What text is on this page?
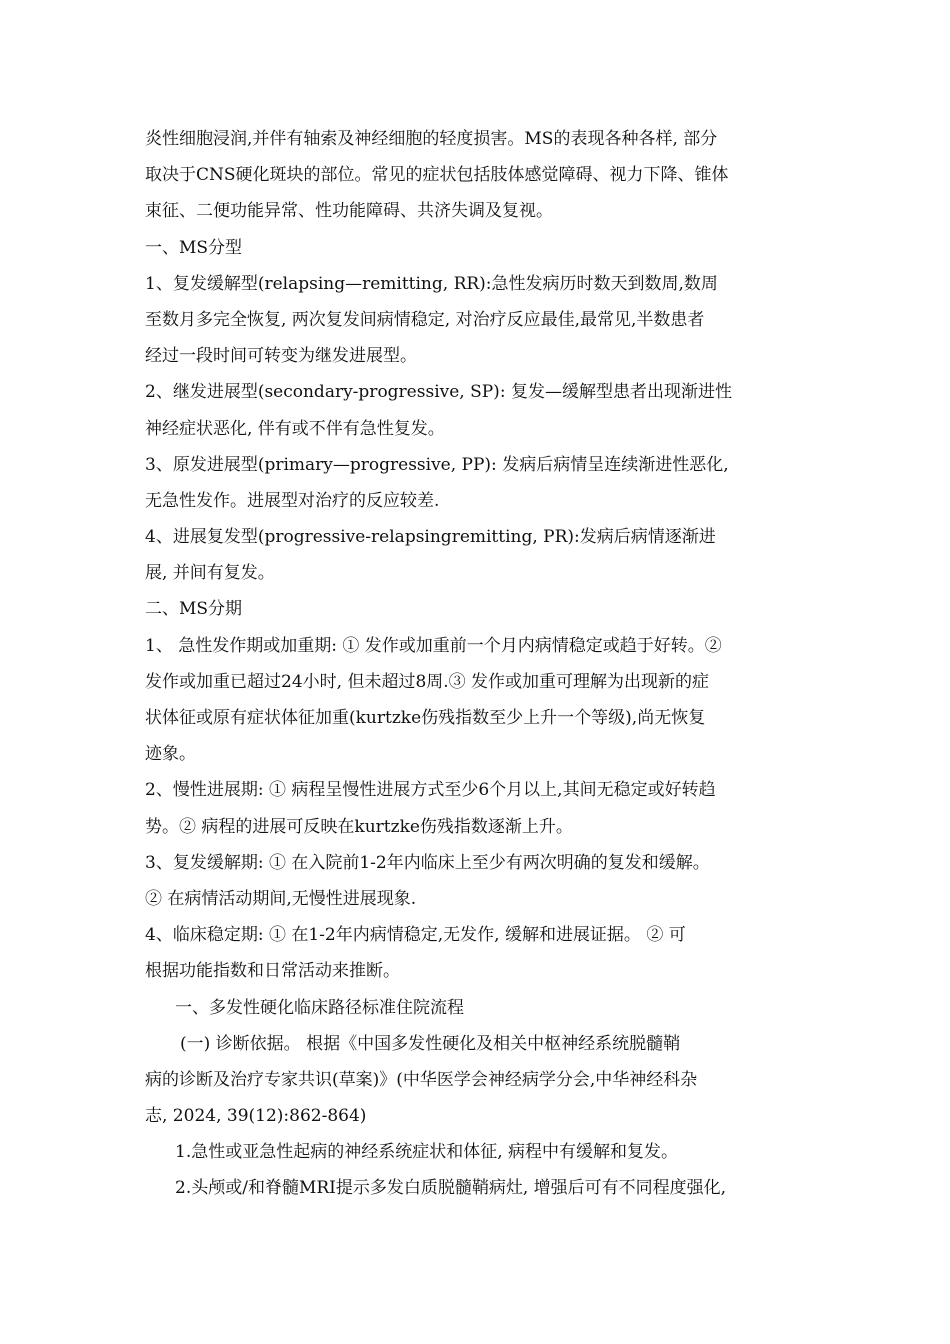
炎性细胞浸润,并伴有轴索及神经细胞的轻度损害。MS的表现各种各样, 部分
取决于CNS硬化斑块的部位。常见的症状包括肢体感觉障碍、视力下降、锥体
束征、二便功能异常、性功能障碍、共济失调及复视。
一、MS分型
1、复发缓解型(relapsing—remitting, RR):急性发病历时数天到数周,数周
至数月多完全恢复, 两次复发间病情稳定, 对治疗反应最佳,最常见,半数患者
经过一段时间可转变为继发进展型。
2、继发进展型(secondary-progressive, SP): 复发—缓解型患者出现渐进性
神经症状恶化, 伴有或不伴有急性复发。
3、原发进展型(primary—progressive, PP): 发病后病情呈连续渐进性恶化,
无急性发作。进展型对治疗的反应较差.
4、进展复发型(progressive-relapsingremitting, PR):发病后病情逐渐进
展, 并间有复发。
二、MS分期
1、 急性发作期或加重期: ① 发作或加重前一个月内病情稳定或趋于好转。②
发作或加重已超过24小时, 但未超过8周.③ 发作或加重可理解为出现新的症
状体征或原有症状体征加重(kurtzke伤残指数至少上升一个等级),尚无恢复
迹象。
2、慢性进展期: ① 病程呈慢性进展方式至少6个月以上,其间无稳定或好转趋
势。② 病程的进展可反映在kurtzke伤残指数逐渐上升。
3、复发缓解期: ① 在入院前1-2年内临床上至少有两次明确的复发和缓解。
② 在病情活动期间,无慢性进展现象.
4、临床稳定期: ① 在1-2年内病情稳定,无发作, 缓解和进展证据。 ② 可
根据功能指数和日常活动来推断。
一、多发性硬化临床路径标准住院流程
(一) 诊断依据。 根据《中国多发性硬化及相关中枢神经系统脱髓鞘
病的诊断及治疗专家共识(草案)》(中华医学会神经病学分会,中华神经科杂
志, 2024, 39(12):862-864)
1.急性或亚急性起病的神经系统症状和体征, 病程中有缓解和复发。
2.头颅或/和脊髓MRI提示多发白质脱髓鞘病灶, 增强后可有不同程度强化,
